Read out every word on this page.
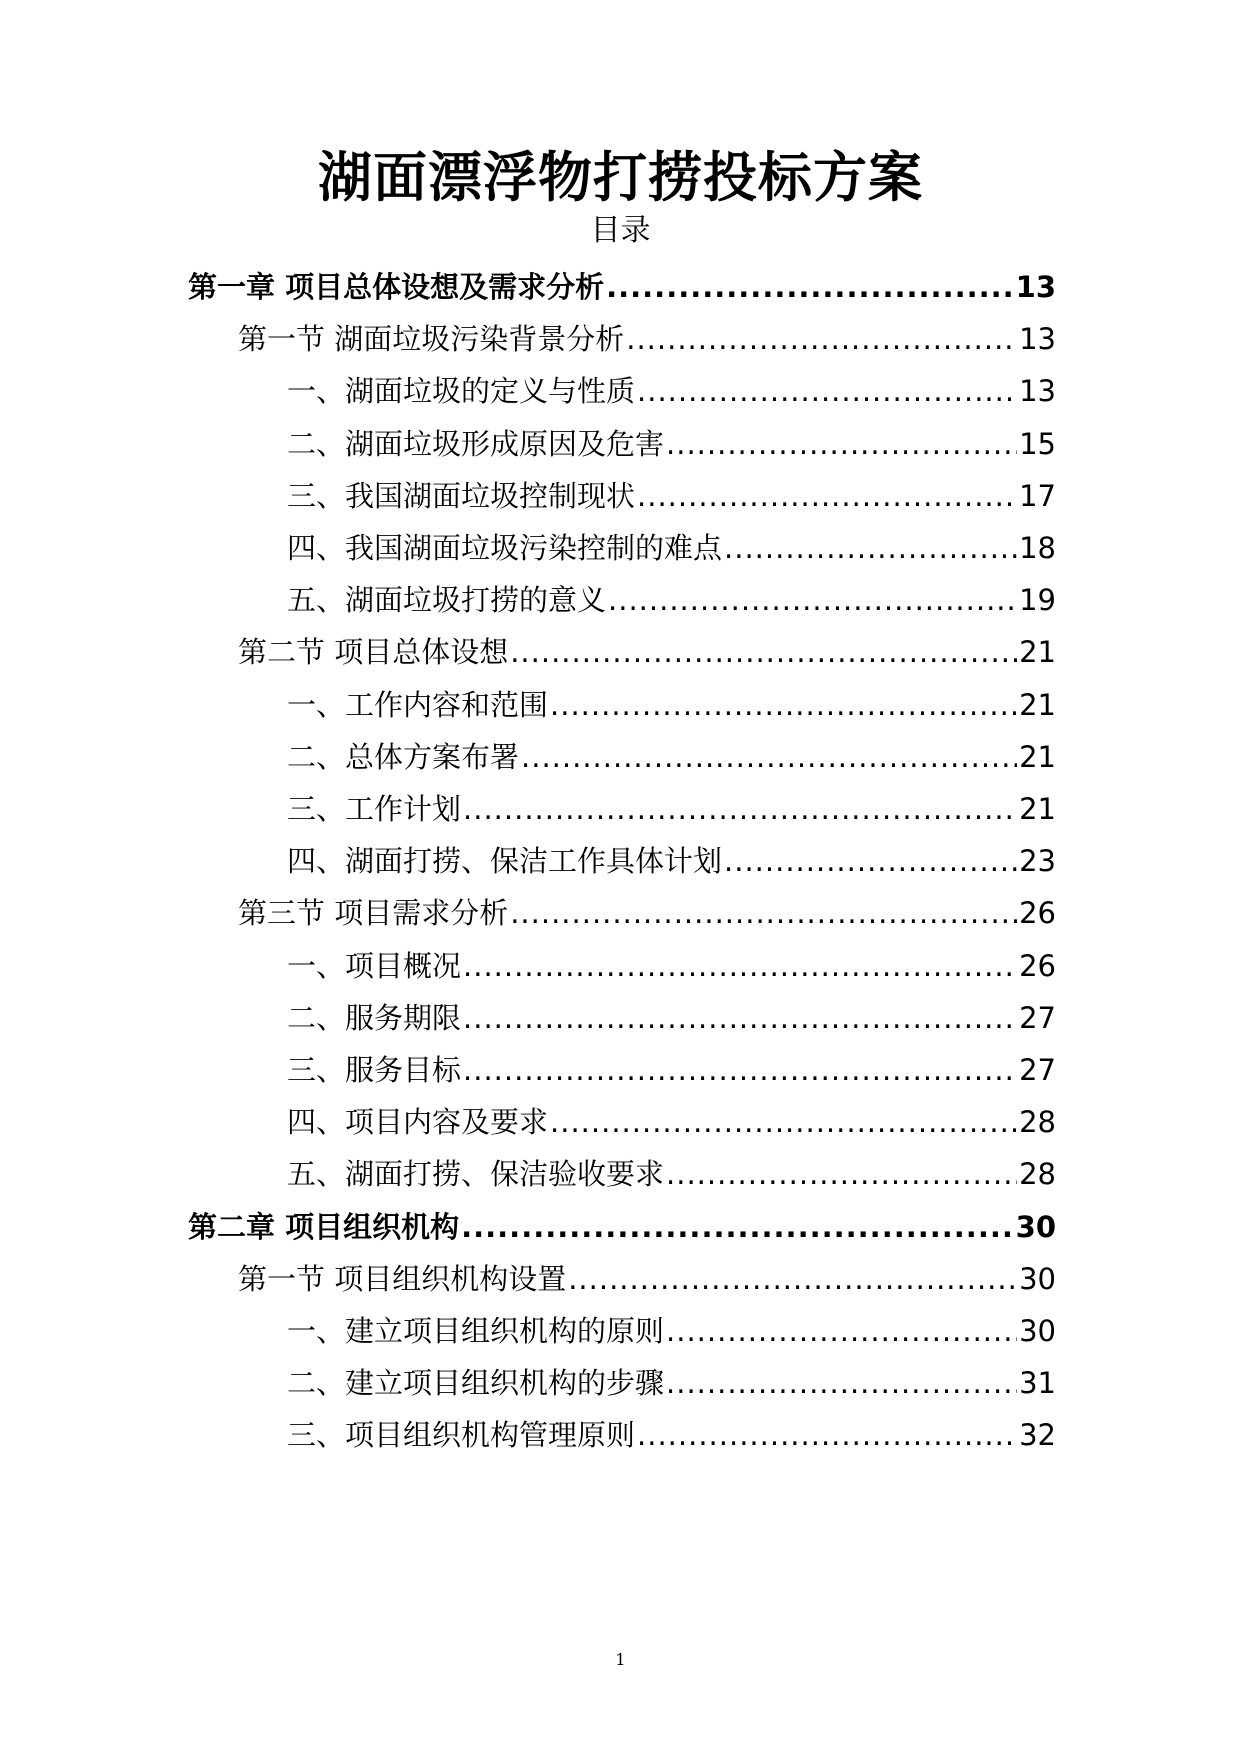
湖面漂浮物打捞投标方案
目录
第一章 项目总体设想及需求分析 .....	13
第一节 湖面垃圾污染背景分析 .....	13
一、湖面垃圾的定义与性质 .....	13
二、湖面垃圾形成原因及危害 .....	15
三、我国湖面垃圾控制现状 .....	17
四、我国湖面垃圾污染控制的难点 .....	18
五、湖面垃圾打捞的意义 .....	19
第二节 项目总体设想 .....	21
一、工作内容和范围 .....	21
二、总体方案布署 .....	21
三、工作计划 .....	21
四、湖面打捞、保洁工作具体计划 .....	23
第三节 项目需求分析 .....	26
一、项目概况 .....	26
二、服务期限 .....	27
三、服务目标 .....	27
四、项目内容及要求 .....	28
五、湖面打捞、保洁验收要求 .....	28
第二章 项目组织机构 .....	30
第一节 项目组织机构设置 .....	30
一、建立项目组织机构的原则 .....	30
二、建立项目组织机构的步骤 .....	31
三、项目组织机构管理原则 .....	32
1
